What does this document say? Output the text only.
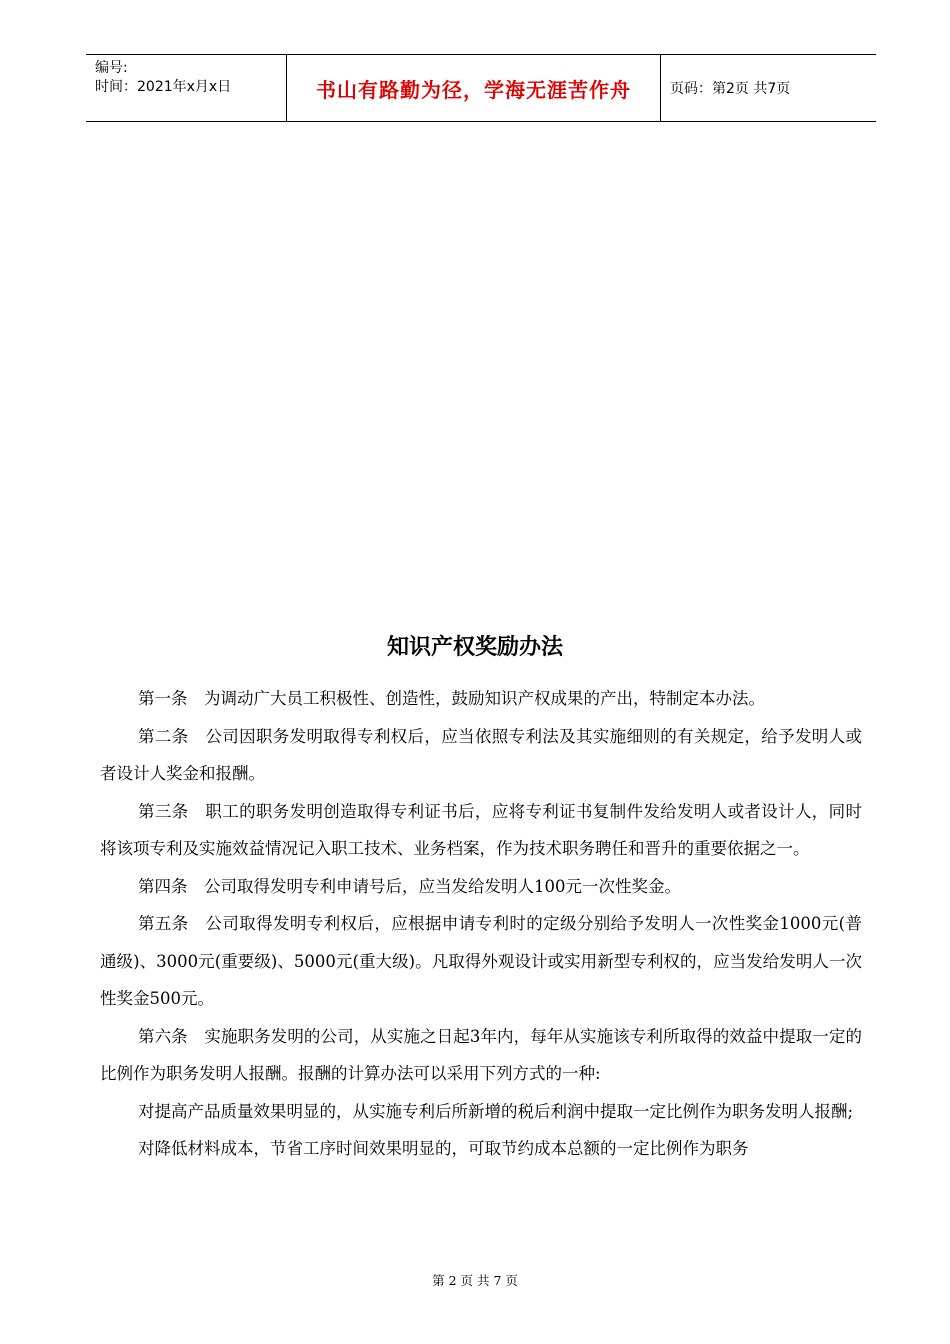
编号:
时间：2021年x月x日	书山有路勤为径，学海无涯苦作舟	页码：第2页 共7页
知识产权奖励办法

第一条　为调动广大员工积极性、创造性，鼓励知识产权成果的产出，特制定本办法。

第二条　公司因职务发明取得专利权后，应当依照专利法及其实施细则的有关规定，给予发明人或者设计人奖金和报酬。

第三条　职工的职务发明创造取得专利证书后，应将专利证书复制件发给发明人或者设计人，同时将该项专利及实施效益情况记入职工技术、业务档案，作为技术职务聘任和晋升的重要依据之一。

第四条　公司取得发明专利申请号后，应当发给发明人100元一次性奖金。

第五条　公司取得发明专利权后，应根据申请专利时的定级分别给予发明人一次性奖金1000元(普通级)、3000元(重要级)、5000元(重大级)。凡取得外观设计或实用新型专利权的，应当发给发明人一次性奖金500元。

第六条　实施职务发明的公司，从实施之日起3年内，每年从实施该专利所取得的效益中提取一定的比例作为职务发明人报酬。报酬的计算办法可以采用下列方式的一种:

对提高产品质量效果明显的，从实施专利后所新增的税后利润中提取一定比例作为职务发明人报酬;

对降低材料成本，节省工序时间效果明显的，可取节约成本总额的一定比例作为职务

第 2 页 共 7 页
